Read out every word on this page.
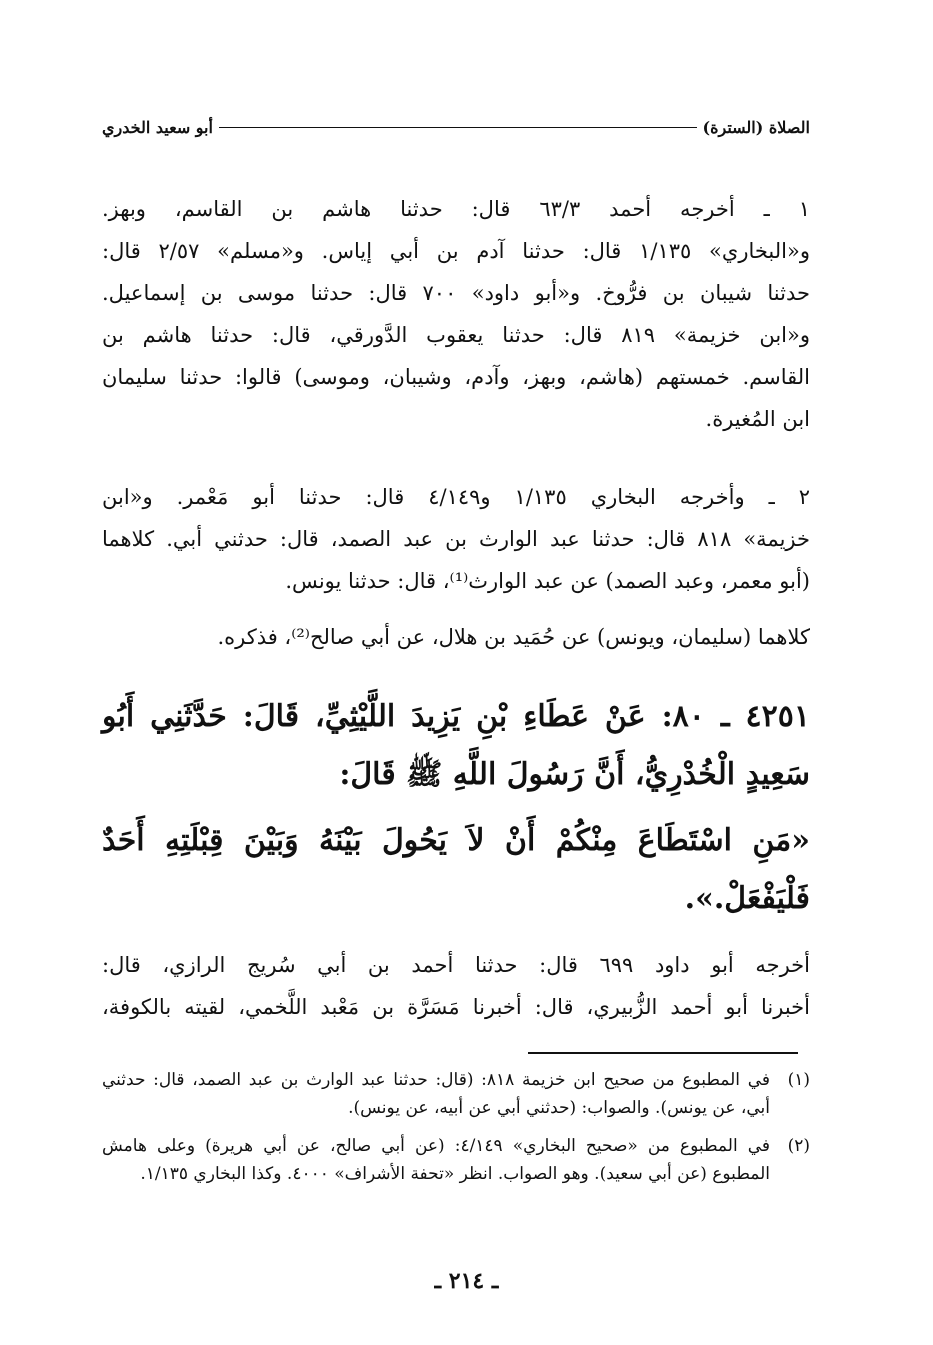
الصلاة (السترة)
أبو سعيد الخدري
١ ـ أخرجه أحمد ٦٣/٣ قال: حدثنا هاشم بن القاسم، وبهز.
و«البخاري» ١/١٣٥ قال: حدثنا آدم بن أبي إياس. و«مسلم» ٢/٥٧ قال:
حدثنا شيبان بن فرُّوخ. و«أبو داود» ٧٠٠ قال: حدثنا موسى بن إسماعيل.
و«ابن خزيمة» ٨١٩ قال: حدثنا يعقوب الدَّورقي، قال: حدثنا هاشم بن
القاسم. خمستهم (هاشم، وبهز، وآدم، وشيبان، وموسى) قالوا: حدثنا سليمان
ابن المُغيرة.
٢ ـ وأخرجه البخاري ١/١٣٥ و٤/١٤٩ قال: حدثنا أبو مَعْمر. و«ابن
خزيمة» ٨١٨ قال: حدثنا عبد الوارث بن عبد الصمد، قال: حدثني أبي. كلاهما
(أبو معمر، وعبد الصمد) عن عبد الوارث⁽¹⁾، قال: حدثنا يونس.
كلاهما (سليمان، ويونس) عن حُمَيد بن هلال، عن أبي صالح⁽²⁾، فذكره.
٤٢٥١ ـ ٨٠: عَنْ عَطَاءِ بْنِ يَزِيدَ اللَّيْثِيِّ، قَالَ: حَدَّثَنِي أَبُو
سَعِيدٍ الْخُدْرِيُّ، أَنَّ رَسُولَ اللَّهِ ﷺ قَالَ:
«مَنِ اسْتَطَاعَ مِنْكُمْ أَنْ لاَ يَحُولَ بَيْنَهُ وَبَيْنَ قِبْلَتِهِ أَحَدٌ
فَلْيَفْعَلْ.».
أخرجه أبو داود ٦٩٩ قال: حدثنا أحمد بن أبي سُريج الرازي، قال:
أخبرنا أبو أحمد الزُّبيري، قال: أخبرنا مَسَرَّة بن مَعْبد اللَّخمي، لقيته بالكوفة،
(١)
في المطبوع من صحيح ابن خزيمة ٨١٨: (قال: حدثنا عبد الوارث بن عبد الصمد، قال: حدثني أبي، عن يونس). والصواب: (حدثني أبي عن أبيه، عن يونس).
(٢)
في المطبوع من «صحيح البخاري» ٤/١٤٩: (عن أبي صالح، عن أبي هريرة) وعلى هامش المطبوع (عن أبي سعيد). وهو الصواب. انظر «تحفة الأشراف» ٤٠٠٠. وكذا البخاري ١/١٣٥.
ـ ٢١٤ ـ
